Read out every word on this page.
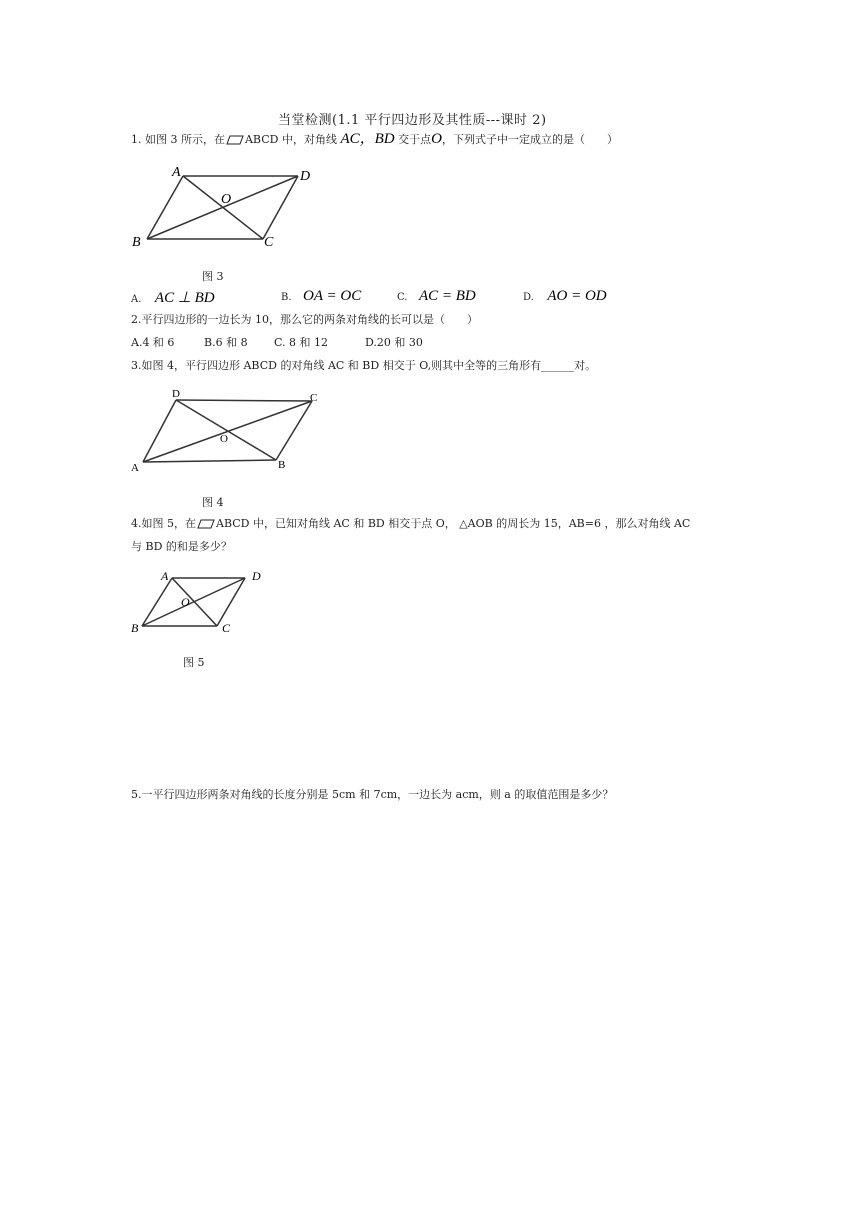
当堂检测(1.1 平行四边形及其性质---课时 2)
1. 如图 3 所示，在 ABCD 中，对角线 AC，BD 交于点O，下列式子中一定成立的是（　　）
A	D
O
B	C
图 3
A. AC ⊥ BD	B. OA = OC	C. AC = BD	D. AO = OD
2.平行四边形的一边长为 10，那么它的两条对角线的长可以是（　　）
A.4 和 6	B.6 和 8 C. 8 和 12	D.20 和 30
3.如图 4，平行四边形 ABCD 的对角线 AC 和 BD 相交于 O,则其中全等的三角形有______对。
D	C
O
A	B
图 4
4.如图 5，在 ABCD 中，已知对角线 AC 和 BD 相交于点 O， △AOB 的周长为 15，AB=6 ，那么对角线 AC
与 BD 的和是多少？
A	D
O
B	C
图 5
5.一平行四边形两条对角线的长度分别是 5cm 和 7cm，一边长为 acm，则 a 的取值范围是多少？
